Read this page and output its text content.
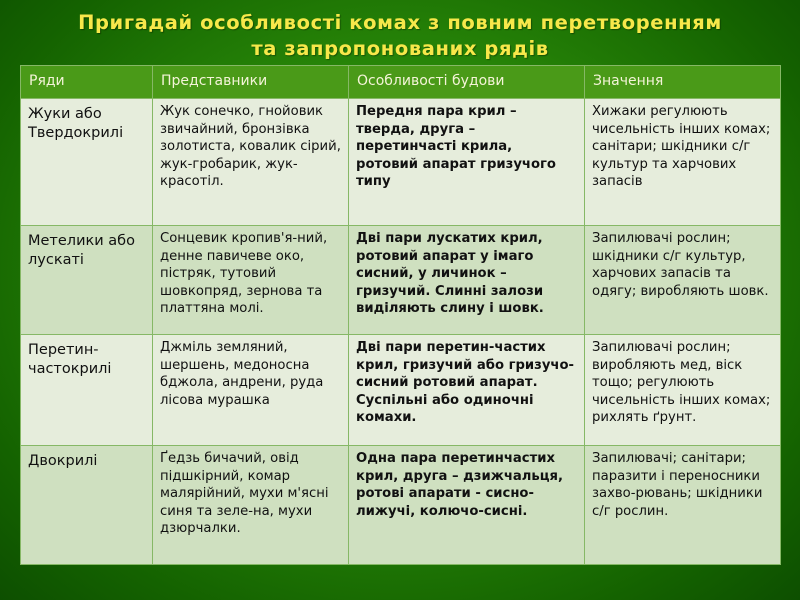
Пригадай особливості комах з повним перетворенням
та запропонованих рядів
Ряди	Представники	Особливості будови	Значення
Жуки або Твердокрилі	Жук сонечко, гнойовик звичайний, бронзівка золотиста, ковалик сірий, жук-гробарик, жук-красотіл.	Передня пара крил – тверда, друга – перетинчасті крила, ротовий апарат гризучого типу	Хижаки регулюють чисельність інших комах; санітари; шкідники с/г культур та харчових запасів
Метелики або лускаті	Сонцевик кропив'я-ний, денне павичеве око, пістряк, тутовий шовкопряд, зернова та платтяна молі.	Дві пари лускатих крил, ротовий апарат у імаго сисний, у личинок – гризучий. Слинні залози виділяють слину і шовк.	Запилювачі рослин; шкідники с/г культур, харчових запасів та одягу; виробляють шовк.
Перетин-частокрилі	Джміль земляний, шершень, медоносна бджола, андрени, руда лісова мурашка	Дві пари перетин-частих крил, гризучий або гризучо-сисний ротовий апарат. Суспільні або одиночні комахи.	Запилювачі рослин; виробляють мед, віск тощо; регулюють чисельність інших комах; рихлять ґрунт.
Двокрилі	Ґедзь бичачий, овід підшкірний, комар малярійний, мухи м'ясні синя та зеле-на, мухи дзюрчалки.	Одна пара перетинчастих крил, друга – дзижчальця, ротові апарати - сисно-лижучі, колючо-сисні.	Запилювачі; санітари; паразити і переносники захво-рювань; шкідники с/г рослин.
